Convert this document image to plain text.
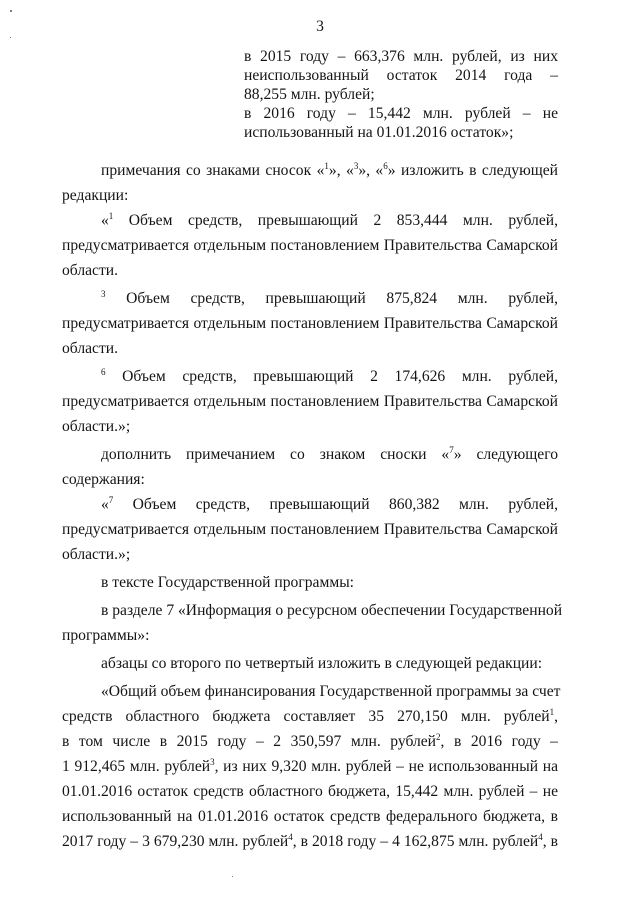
3
в 2015 году – 663,376 млн. рублей, из них
неиспользованный остаток 2014 года –
88,255 млн. рублей;
в 2016 году – 15,442 млн. рублей – не
использованный на 01.01.2016 остаток»;
примечания со знаками сносок «$^1$», «$^3$», «$^6$» изложить в следующей
редакции:
«$^1$ Объем средств, превышающий 2 853,444 млн. рублей,
предусматривается отдельным постановлением Правительства Самарской
области.
$^3$ Объем средств, превышающий 875,824 млн. рублей,
предусматривается отдельным постановлением Правительства Самарской
области.
$^6$ Объем средств, превышающий 2 174,626 млн. рублей,
предусматривается отдельным постановлением Правительства Самарской
области.»;
дополнить примечанием со знаком сноски «$^7$» следующего
содержания:
«$^7$ Объем средств, превышающий 860,382 млн. рублей,
предусматривается отдельным постановлением Правительства Самарской
области.»;
в тексте Государственной программы:
в разделе 7 «Информация о ресурсном обеспечении Государственной
программы»:
абзацы со второго по четвертый изложить в следующей редакции:
«Общий объем финансирования Государственной программы за счет
средств областного бюджета составляет 35 270,150 млн. рублей$^1$,
в том числе в 2015 году – 2 350,597 млн. рублей$^2$, в 2016 году –
1 912,465 млн. рублей$^3$, из них 9,320 млн. рублей – не использованный на
01.01.2016 остаток средств областного бюджета, 15,442 млн. рублей – не
использованный на 01.01.2016 остаток средств федерального бюджета, в
2017 году – 3 679,230 млн. рублей$^4$, в 2018 году – 4 162,875 млн. рублей$^4$, в
